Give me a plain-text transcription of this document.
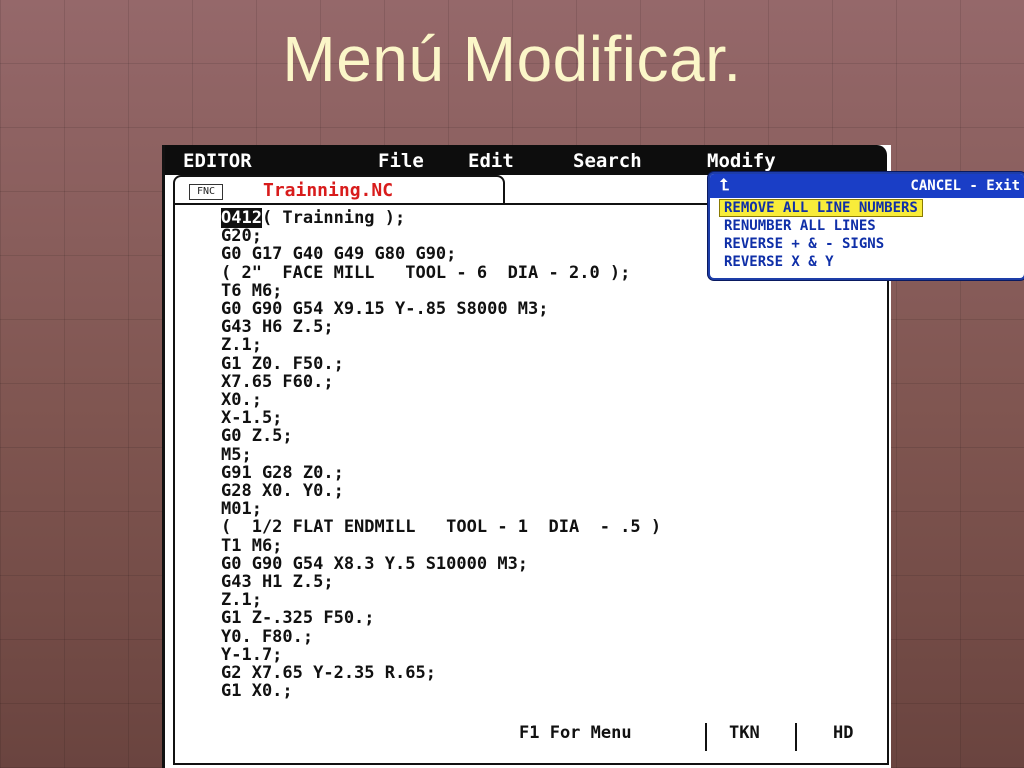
Menú Modificar.
EDITOR	File Edit	Search	Modify
FNC	Trainning.NC
O412( Trainning );
G20;
G0 G17 G40 G49 G80 G90;
( 2"  FACE MILL   TOOL - 6  DIA - 2.0 );
T6 M6;
G0 G90 G54 X9.15 Y-.85 S8000 M3;
G43 H6 Z.5;
Z.1;
G1 Z0. F50.;
X7.65 F60.;
X0.;
X-1.5;
G0 Z.5;
M5;
G91 G28 Z0.;
G28 X0. Y0.;
M01;
(  1/2 FLAT ENDMILL   TOOL - 1  DIA  - .5 )
T1 M6;
G0 G90 G54 X8.3 Y.5 S10000 M3;
G43 H1 Z.5;
Z.1;
G1 Z-.325 F50.;
Y0. F80.;
Y-1.7;
G2 X7.65 Y-2.35 R.65;
G1 X0.;
F1 For Menu	TKN	HD
⮤	CANCEL - Exit
REMOVE ALL LINE NUMBERS
RENUMBER ALL LINES
REVERSE + & - SIGNS
REVERSE X & Y
